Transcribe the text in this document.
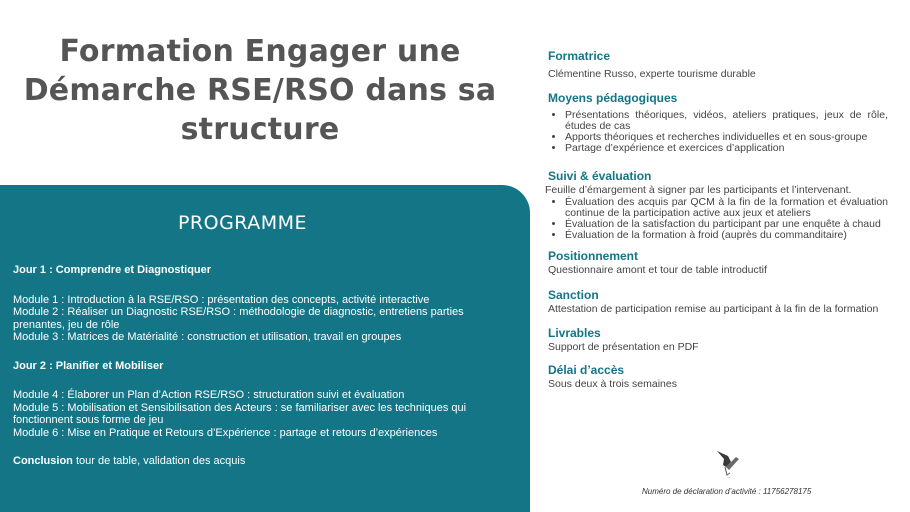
Formation Engager une Démarche RSE/RSO dans sa structure
PROGRAMME
Jour 1 : Comprendre et Diagnostiquer
Module 1 : Introduction à la RSE/RSO : présentation des concepts, activité interactive
Module 2 : Réaliser un Diagnostic RSE/RSO : méthodologie de diagnostic, entretiens parties prenantes, jeu de rôle
Module 3 : Matrices de Matérialité : construction et utilisation, travail en groupes
Jour 2 : Planifier et Mobiliser
Module 4 : Élaborer un Plan d’Action RSE/RSO : structuration suivi et évaluation
Module 5 : Mobilisation et Sensibilisation des Acteurs : se familiariser avec les techniques qui fonctionnent sous forme de jeu
Module 6 : Mise en Pratique et Retours d’Expérience : partage et retours d’expériences
Conclusion tour de table, validation des acquis
Formatrice

Clémentine Russo, experte tourisme durable

Moyens pédagogiques
• Présentations théoriques, vidéos, ateliers pratiques, jeux de rôle, études de cas
• Apports théoriques et recherches individuelles et en sous-groupe
• Partage d’expérience et exercices d’application
Suivi & évaluation

Feuille d’émargement à signer par les participants et l’intervenant.

• Évaluation des acquis par QCM à la fin de la formation et évaluation continue de la participation active aux jeux et ateliers
• Évaluation de la satisfaction du participant par une enquête à chaud
• Évaluation de la formation à froid (auprès du commanditaire)
Positionnement

Questionnaire amont et tour de table introductif

Sanction

Attestation de participation remise au participant à la fin de la formation

Livrables

Support de présentation en PDF

Délai d’accès

Sous deux à trois semaines

~
Numéro de déclaration d’activité : 11756278175
